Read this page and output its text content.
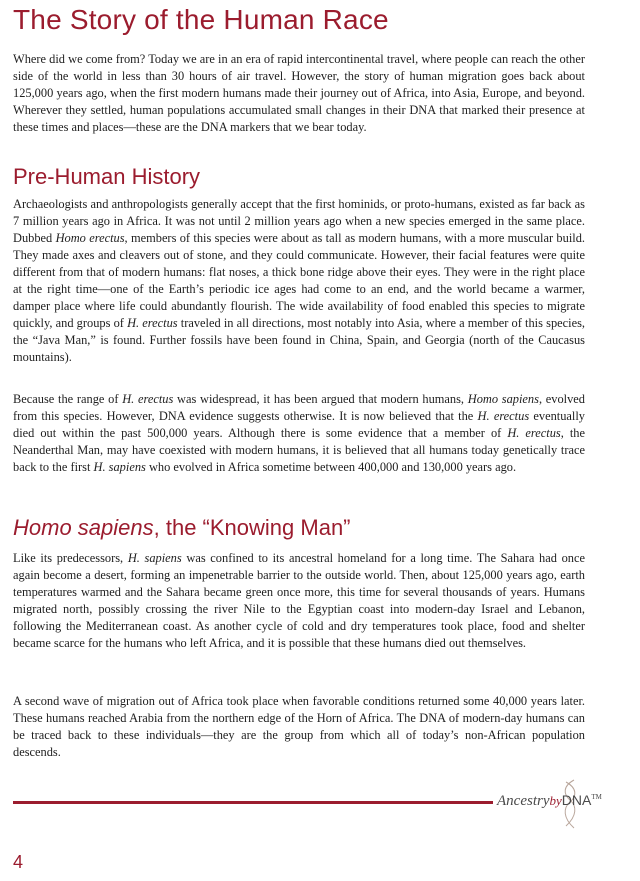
The Story of the Human Race

Where did we come from? Today we are in an era of rapid intercontinental travel, where people can reach the other side of the world in less than 30 hours of air travel. However, the story of human migration goes back about 125,000 years ago, when the first modern humans made their journey out of Africa, into Asia, Europe, and beyond. Wherever they settled, human populations accumulated small changes in their DNA that marked their presence at these times and places—these are the DNA markers that we bear today.

Pre-Human History

Archaeologists and anthropologists generally accept that the first hominids, or proto-humans, existed as far back as 7 million years ago in Africa. It was not until 2 million years ago when a new species emerged in the same place. Dubbed Homo erectus, members of this species were about as tall as modern humans, with a more muscular build. They made axes and cleavers out of stone, and they could communicate. However, their facial features were quite different from that of modern humans: flat noses, a thick bone ridge above their eyes. They were in the right place at the right time—one of the Earth’s periodic ice ages had come to an end, and the world became a warmer, damper place where life could abundantly flourish. The wide availability of food enabled this species to migrate quickly, and groups of H. erectus traveled in all directions, most notably into Asia, where a member of this species, the “Java Man,” is found. Further fossils have been found in China, Spain, and Georgia (north of the Caucasus mountains).

Because the range of H. erectus was widespread, it has been argued that modern humans, Homo sapiens, evolved from this species. However, DNA evidence suggests otherwise. It is now believed that the H. erectus eventually died out within the past 500,000 years. Although there is some evidence that a member of H. erectus, the Neanderthal Man, may have coexisted with modern humans, it is believed that all humans today genetically trace back to the first H. sapiens who evolved in Africa sometime between 400,000 and 130,000 years ago.

Homo sapiens, the “Knowing Man”

Like its predecessors, H. sapiens was confined to its ancestral homeland for a long time. The Sahara had once again become a desert, forming an impenetrable barrier to the outside world. Then, about 125,000 years ago, earth temperatures warmed and the Sahara became green once more, this time for several thousands of years. Humans migrated north, possibly crossing the river Nile to the Egyptian coast into modern-day Israel and Lebanon, following the Mediterranean coast. As another cycle of cold and dry temperatures took place, food and shelter became scarce for the humans who left Africa, and it is possible that these humans died out themselves.

A second wave of migration out of Africa took place when favorable conditions returned some 40,000 years later. These humans reached Arabia from the northern edge of the Horn of Africa. The DNA of modern-day humans can be traced back to these individuals—they are the group from which all of today’s non-African population descends.

AncestrybyDNA™
4
